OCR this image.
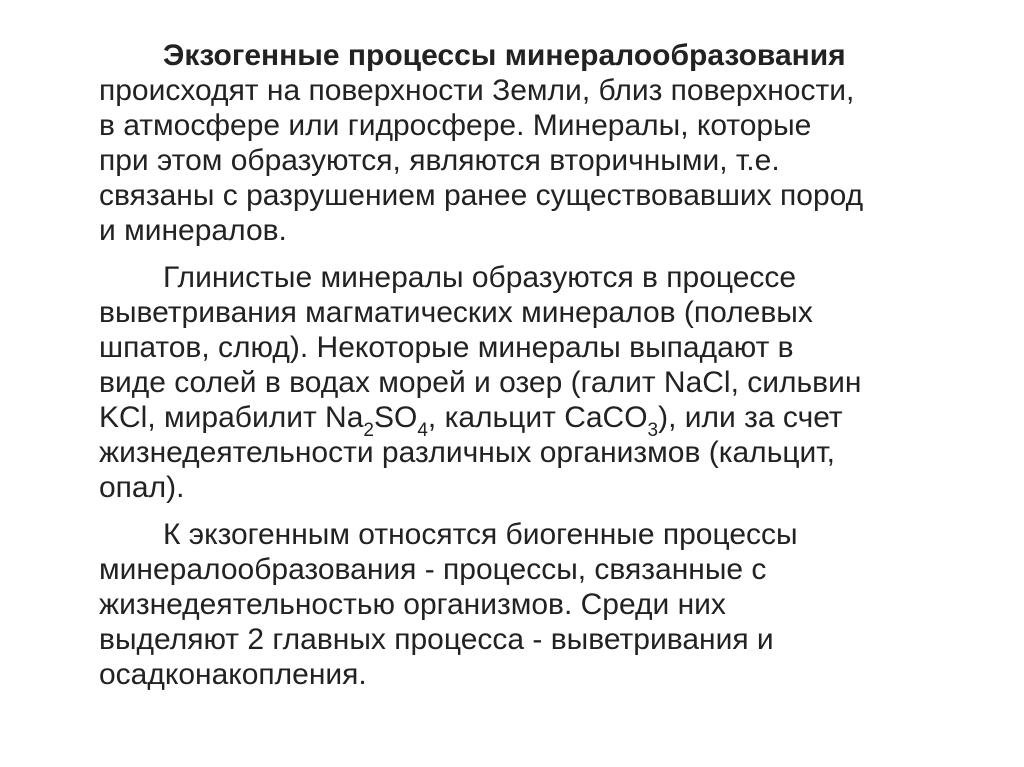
Экзогенные процессы минералообразования
происходят на поверхности Земли, близ поверхности,
в атмосфере или гидросфере. Минералы, которые
при этом образуются, являются вторичными, т.е.
связаны с разрушением ранее существовавших пород
и минералов.

Глинистые минералы образуются в процессе
выветривания магматических минералов (полевых
шпатов, слюд). Некоторые минералы выпадают в
виде солей в водах морей и озер (галит NaCl, сильвин
KCl, мирабилит $Na_2SO_4$, кальцит CaCO$_3$), или за счет
жизнедеятельности различных организмов (кальцит,
опал).

К экзогенным относятся биогенные процессы
минералообразования - процессы, связанные с
жизнедеятельностью организмов. Среди них
выделяют 2 главных процесса - выветривания и
осадконакопления.
